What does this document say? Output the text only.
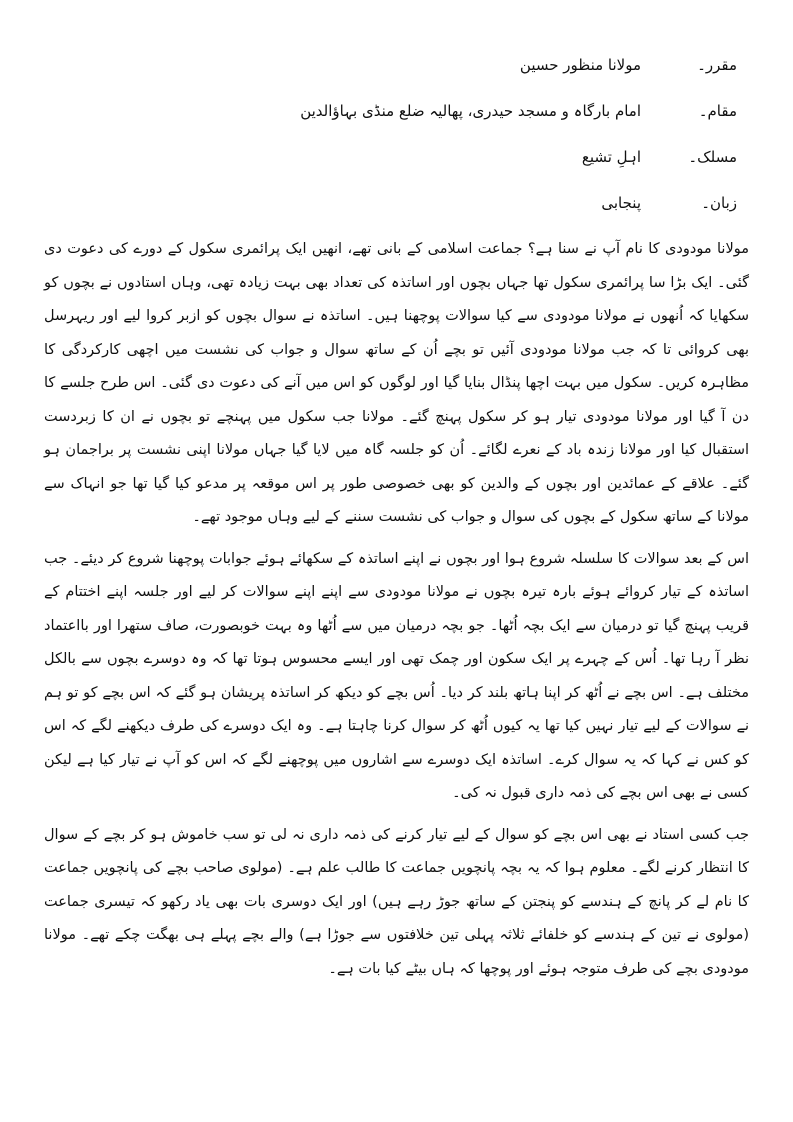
مقرر۔
مولانا منظور حسین
مقام۔
امام بارگاہ و مسجد حیدری، پھالیہ ضلع منڈی بہاؤالدین
مسلک۔
اہلِ تشیع
زبان۔
پنجابی

مولانا مودودی کا نام آپ نے سنا ہے؟ جماعت اسلامی کے بانی تھے، انھیں ایک پرائمری سکول کے دورے کی دعوت دی گئی۔ ایک بڑا سا پرائمری سکول تھا جہاں بچوں اور اساتذہ کی تعداد بھی بہت زیادہ تھی، وہاں استادوں نے بچوں کو سکھایا کہ اُنھوں نے مولانا مودودی سے کیا سوالات پوچھنا ہیں۔ اساتذہ نے سوال بچوں کو ازبر کروا لیے اور ریہرسل بھی کروائی تا کہ جب مولانا مودودی آئیں تو بچے اُن کے ساتھ سوال و جواب کی نشست میں اچھی کارکردگی کا مظاہرہ کریں۔ سکول میں بہت اچھا پنڈال بنایا گیا اور لوگوں کو اس میں آنے کی دعوت دی گئی۔ اس طرح جلسے کا دن آ گیا اور مولانا مودودی تیار ہو کر سکول پہنچ گئے۔ مولانا جب سکول میں پہنچے تو بچوں نے ان کا زبردست استقبال کیا اور مولانا زندہ باد کے نعرے لگائے۔ اُن کو جلسہ گاہ میں لایا گیا جہاں مولانا اپنی نشست پر براجمان ہو گئے۔ علاقے کے عمائدین اور بچوں کے والدین کو بھی خصوصی طور پر اس موقعہ پر مدعو کیا گیا تھا جو انہاک سے مولانا کے ساتھ سکول کے بچوں کی سوال و جواب کی نشست سننے کے لیے وہاں موجود تھے۔

اس کے بعد سوالات کا سلسلہ شروع ہوا اور بچوں نے اپنے اساتذہ کے سکھائے ہوئے جوابات پوچھنا شروع کر دیئے۔ جب اساتذہ کے تیار کروائے ہوئے بارہ تیرہ بچوں نے مولانا مودودی سے اپنے اپنے سوالات کر لیے اور جلسہ اپنے اختتام کے قریب پہنچ گیا تو درمیان سے ایک بچہ اُٹھا۔ جو بچہ درمیان میں سے اُٹھا وہ بہت خوبصورت، صاف ستھرا اور بااعتماد نظر آ رہا تھا۔ اُس کے چہرے پر ایک سکون اور چمک تھی اور ایسے محسوس ہوتا تھا کہ وہ دوسرے بچوں سے بالکل مختلف ہے۔ اس بچے نے اُٹھ کر اپنا ہاتھ بلند کر دیا۔ اُس بچے کو دیکھ کر اساتذہ پریشان ہو گئے کہ اس بچے کو تو ہم نے سوالات کے لیے تیار نہیں کیا تھا یہ کیوں اُٹھ کر سوال کرنا چاہتا ہے۔ وہ ایک دوسرے کی طرف دیکھنے لگے کہ اس کو کس نے کہا کہ یہ سوال کرے۔ اساتذہ ایک دوسرے سے اشاروں میں پوچھنے لگے کہ اس کو آپ نے تیار کیا ہے لیکن کسی نے بھی اس بچے کی ذمہ داری قبول نہ کی۔

جب کسی استاد نے بھی اس بچے کو سوال کے لیے تیار کرنے کی ذمہ داری نہ لی تو سب خاموش ہو کر بچے کے سوال کا انتظار کرنے لگے۔ معلوم ہوا کہ یہ بچہ پانچویں جماعت کا طالب علم ہے۔ (مولوی صاحب بچے کی پانچویں جماعت کا نام لے کر پانچ کے ہندسے کو پنجتن کے ساتھ جوڑ رہے ہیں) اور ایک دوسری بات بھی یاد رکھو کہ تیسری جماعت (مولوی نے تین کے ہندسے کو خلفائے ثلاثہ پہلی تین خلافتوں سے جوڑا ہے) والے بچے پہلے ہی بھگت چکے تھے۔ مولانا مودودی بچے کی طرف متوجہ ہوئے اور پوچھا کہ ہاں بیٹے کیا بات ہے۔
